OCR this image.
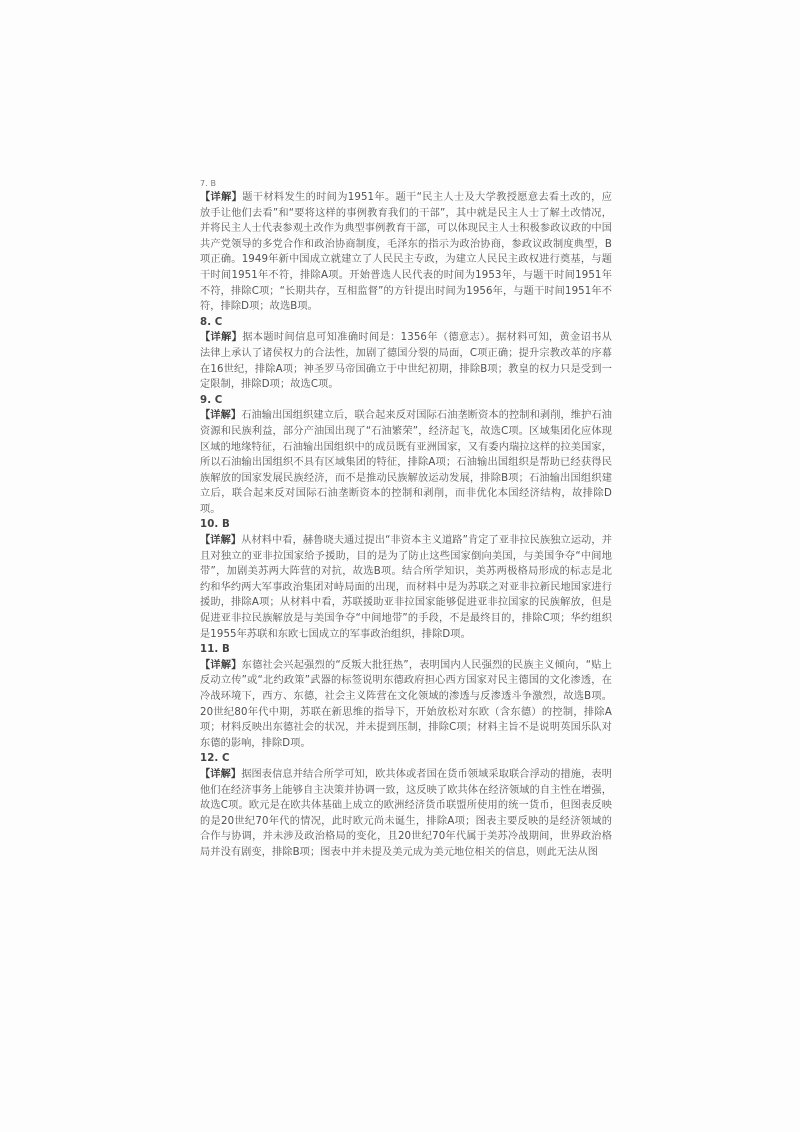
7. B

【详解】题干材料发生的时间为1951年。题干“民主人士及大学教授愿意去看土改的，应放手让他们去看”和“要将这样的事例教育我们的干部”，其中就是民主人士了解土改情况，并将民主人士代表参观土改作为典型事例教育干部，可以体现民主人士积极参政议政的中国共产党领导的多党合作和政治协商制度，毛泽东的指示为政治协商，参政议政制度典型，B项正确。1949年新中国成立就建立了人民民主专政，为建立人民民主政权进行奠基，与题干时间1951年不符，排除A项。开始普选人民代表的时间为1953年，与题干时间1951年不符，排除C项；“长期共存，互相监督”的方针提出时间为1956年，与题干时间1951年不符，排除D项；故选B项。

8. C

【详解】据本题时间信息可知准确时间是：1356年（德意志）。据材料可知，黄金诏书从法律上承认了诸侯权力的合法性，加剧了德国分裂的局面，C项正确；提升宗教改革的序幕在16世纪，排除A项；神圣罗马帝国确立于中世纪初期，排除B项；教皇的权力只是受到一定限制，排除D项；故选C项。

9. C

【详解】石油输出国组织建立后，联合起来反对国际石油垄断资本的控制和剥削，维护石油资源和民族利益，部分产油国出现了“石油繁荣”，经济起飞，故选C项。区域集团化应体现区域的地缘特征，石油输出国组织中的成员既有亚洲国家，又有委内瑞拉这样的拉美国家，所以石油输出国组织不具有区域集团的特征，排除A项；石油输出国组织是帮助已经获得民族解放的国家发展民族经济，而不是推动民族解放运动发展，排除B项；石油输出国组织建立后，联合起来反对国际石油垄断资本的控制和剥削，而非优化本国经济结构，故排除D项。

10. B

【详解】从材料中看，赫鲁晓夫通过提出“非资本主义道路”肯定了亚非拉民族独立运动，并且对独立的亚非拉国家给予援助，目的是为了防止这些国家倒向美国，与美国争夺“中间地带”，加剧美苏两大阵营的对抗，故选B项。结合所学知识，美苏两极格局形成的标志是北约和华约两大军事政治集团对峙局面的出现，而材料中是为苏联之对亚非拉新民地国家进行援助，排除A项；从材料中看，苏联援助亚非拉国家能够促进亚非拉国家的民族解放，但是促进亚非拉民族解放是与美国争夺“中间地带”的手段，不是最终目的，排除C项；华约组织是1955年苏联和东欧七国成立的军事政治组织，排除D项。

11. B

【详解】东德社会兴起强烈的“反叛大批狂热”，表明国内人民强烈的民族主义倾向，“贴上反动立传”或“北约政策”武器的标签说明东德政府担心西方国家对民主德国的文化渗透，在冷战环境下，西方、东德，社会主义阵营在文化领域的渗透与反渗透斗争激烈，故选B项。20世纪80年代中期，苏联在新思维的指导下，开始放松对东欧（含东德）的控制，排除A项；材料反映出东德社会的状况，并未提到压制，排除C项；材料主旨不是说明英国乐队对东德的影响，排除D项。

12. C

【详解】据图表信息并结合所学可知，欧共体或者国在货币领域采取联合浮动的措施，表明他们在经济事务上能够自主决策并协调一致，这反映了欧共体在经济领域的自主性在增强，故选C项。欧元是在欧共体基础上成立的欧洲经济货币联盟所使用的统一货币，但图表反映的是20世纪70年代的情况，此时欧元尚未诞生，排除A项；图表主要反映的是经济领域的合作与协调，并未涉及政治格局的变化，且20世纪70年代属于美苏冷战期间，世界政治格局并没有剧变，排除B项；图表中并未提及美元成为美元地位相关的信息，则此无法从图
